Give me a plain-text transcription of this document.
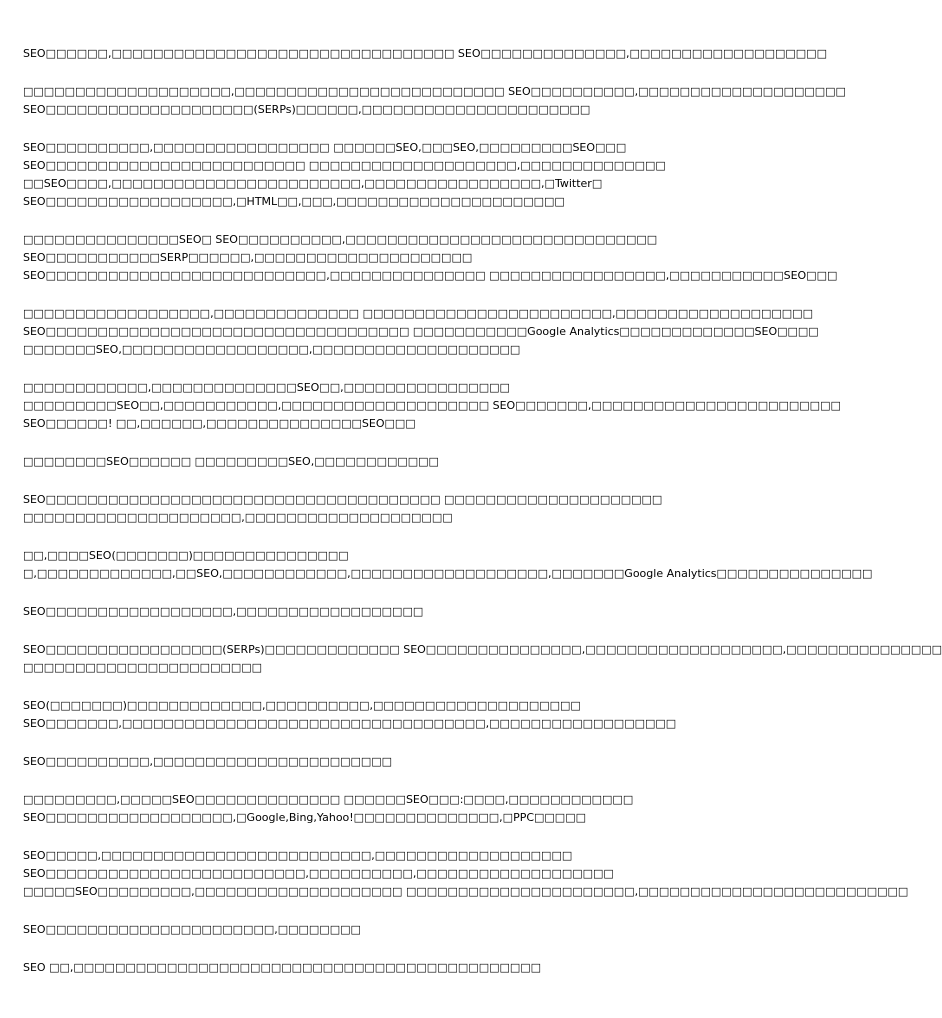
SEO□□□□□□,□□□□□□□□□□□□□□□□□□□□□□□□□□□□□□□□□ SEO□□□□□□□□□□□□□□,□□□□□□□□□□□□□□□□□□□
□□□□□□□□□□□□□□□□□□□□,□□□□□□□□□□□□□□□□□□□□□□□□□□ SEO□□□□□□□□□□,□□□□□□□□□□□□□□□□□□□□
SEO□□□□□□□□□□□□□□□□□□□□(SERPs)□□□□□□,□□□□□□□□□□□□□□□□□□□□□□
SEO□□□□□□□□□□,□□□□□□□□□□□□□□□□□ □□□□□□SEO,□□□SEO,□□□□□□□□□SEO□□□
SEO□□□□□□□□□□□□□□□□□□□□□□□□□ □□□□□□□□□□□□□□□□□□□□,□□□□□□□□□□□□□□
□□SEO□□□□,□□□□□□□□□□□□□□□□□□□□□□□□,□□□□□□□□□□□□□□□□□,□Twitter□
SEO□□□□□□□□□□□□□□□□□□,□HTML□□,□□□,□□□□□□□□□□□□□□□□□□□□□□
□□□□□□□□□□□□□□□SEO□ SEO□□□□□□□□□□,□□□□□□□□□□□□□□□□□□□□□□□□□□□□□□
SEO□□□□□□□□□□□SERP□□□□□□,□□□□□□□□□□□□□□□□□□□□□
SEO□□□□□□□□□□□□□□□□□□□□□□□□□□□,□□□□□□□□□□□□□□□ □□□□□□□□□□□□□□□□□,□□□□□□□□□□□SEO□□□
□□□□□□□□□□□□□□□□□□,□□□□□□□□□□□□□□ □□□□□□□□□□□□□□□□□□□□□□□□,□□□□□□□□□□□□□□□□□□□
SEO□□□□□□□□□□□□□□□□□□□□□□□□□□□□□□□□□□□ □□□□□□□□□□□Google Analytics□□□□□□□□□□□□□SEO□□□□
□□□□□□□SEO,□□□□□□□□□□□□□□□□□□,□□□□□□□□□□□□□□□□□□□□
□□□□□□□□□□□□,□□□□□□□□□□□□□□SEO□□,□□□□□□□□□□□□□□□□
□□□□□□□□□SEO□□,□□□□□□□□□□□,□□□□□□□□□□□□□□□□□□□□ SEO□□□□□□□,□□□□□□□□□□□□□□□□□□□□□□□□
SEO□□□□□□! □□,□□□□□□,□□□□□□□□□□□□□□□SEO□□□
□□□□□□□□SEO□□□□□□ □□□□□□□□□SEO,□□□□□□□□□□□□
SEO□□□□□□□□□□□□□□□□□□□□□□□□□□□□□□□□□□□□□□ □□□□□□□□□□□□□□□□□□□□□
□□□□□□□□□□□□□□□□□□□□□,□□□□□□□□□□□□□□□□□□□□
□□,□□□□SEO(□□□□□□□)□□□□□□□□□□□□□□□
□,□□□□□□□□□□□□□,□□SEO,□□□□□□□□□□□□,□□□□□□□□□□□□□□□□□□□,□□□□□□□Google Analytics□□□□□□□□□□□□□□□
SEO□□□□□□□□□□□□□□□□□□,□□□□□□□□□□□□□□□□□□
SEO□□□□□□□□□□□□□□□□□(SERPs)□□□□□□□□□□□□□ SEO□□□□□□□□□□□□□□□,□□□□□□□□□□□□□□□□□□□,□□□□□□□□□□□□□□□
□□□□□□□□□□□□□□□□□□□□□□□
SEO(□□□□□□□)□□□□□□□□□□□□□,□□□□□□□□□□,□□□□□□□□□□□□□□□□□□□□
SEO□□□□□□□,□□□□□□□□□□□□□□□□□□□□□□□□□□□□□□□□□□□,□□□□□□□□□□□□□□□□□□
SEO□□□□□□□□□□,□□□□□□□□□□□□□□□□□□□□□□□
□□□□□□□□□,□□□□□SEO□□□□□□□□□□□□□□ □□□□□□SEO□□□:□□□□,□□□□□□□□□□□□
SEO□□□□□□□□□□□□□□□□□□,□Google,Bing,Yahoo!□□□□□□□□□□□□□□,□PPC□□□□□
SEO□□□□□,□□□□□□□□□□□□□□□□□□□□□□□□□□,□□□□□□□□□□□□□□□□□□□
SEO□□□□□□□□□□□□□□□□□□□□□□□□□,□□□□□□□□□□,□□□□□□□□□□□□□□□□□□□
□□□□□SEO□□□□□□□□□,□□□□□□□□□□□□□□□□□□□□ □□□□□□□□□□□□□□□□□□□□□□,□□□□□□□□□□□□□□□□□□□□□□□□□□
SEO□□□□□□□□□□□□□□□□□□□□□□,□□□□□□□□
SEO □□,□□□□□□□□□□□□□□□□□□□□□□□□□□□□□□□□□□□□□□□□□□□□□
